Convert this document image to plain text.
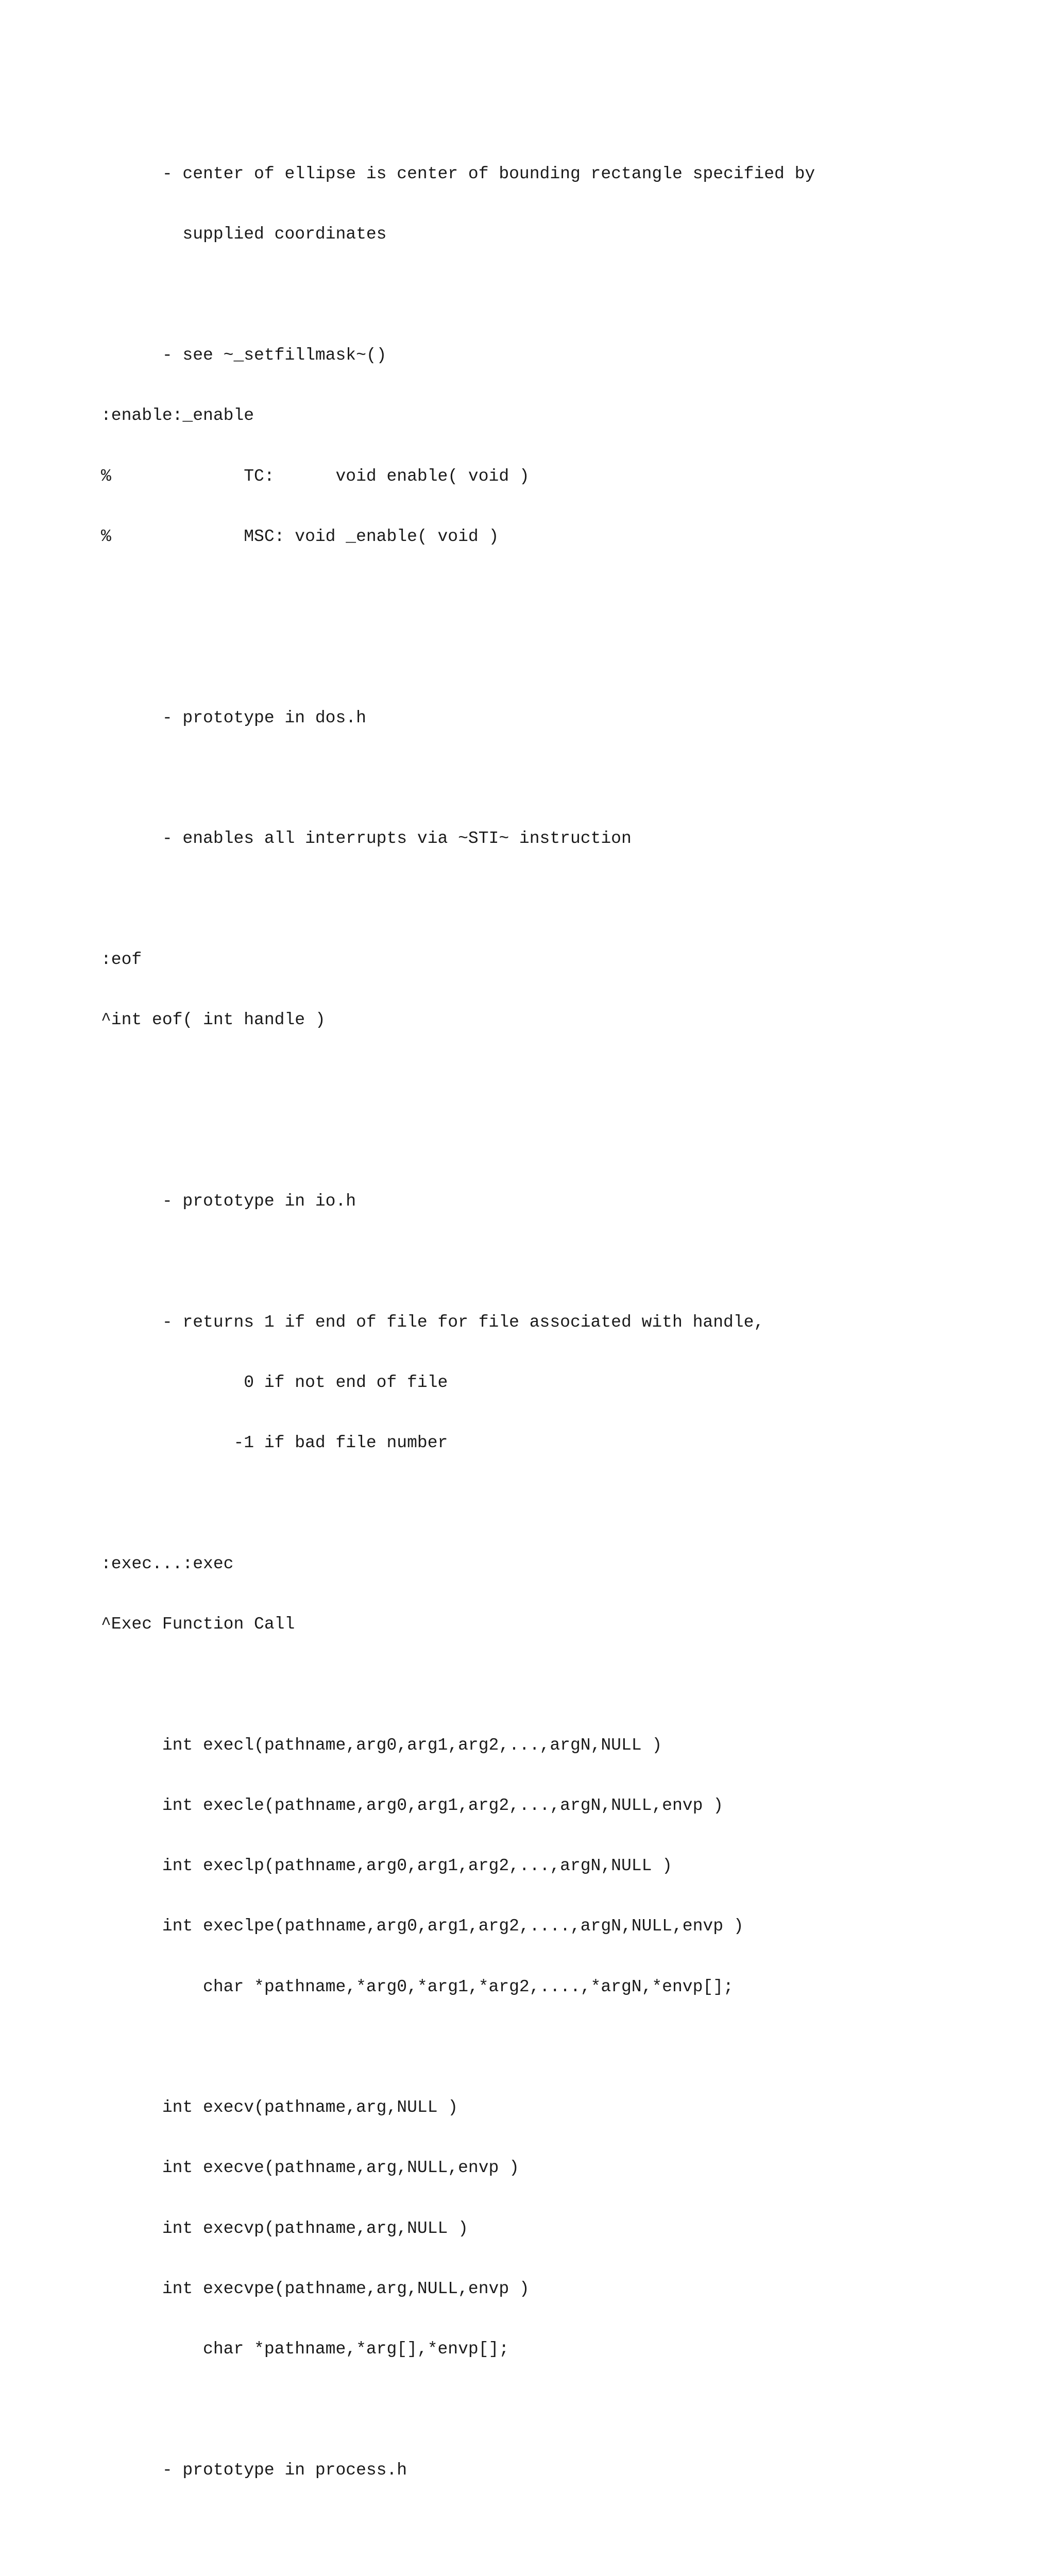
- center of ellipse is center of bounding rectangle specified by

supplied coordinates

- see ~_setfillmask~()

:enable:_enable

%             TC:      void enable( void )

%             MSC: void _enable( void )

- prototype in dos.h

- enables all interrupts via ~STI~ instruction

:eof

^int eof( int handle )

- prototype in io.h

- returns 1 if end of file for file associated with handle,

0 if not end of file

-1 if bad file number

:exec...:exec

^Exec Function Call

int execl(pathname,arg0,arg1,arg2,...,argN,NULL )

int execle(pathname,arg0,arg1,arg2,...,argN,NULL,envp )

int execlp(pathname,arg0,arg1,arg2,...,argN,NULL )

int execlpe(pathname,arg0,arg1,arg2,....,argN,NULL,envp )

char *pathname,*arg0,*arg1,*arg2,....,*argN,*envp[];

int execv(pathname,arg,NULL )

int execve(pathname,arg,NULL,envp )

int execvp(pathname,arg,NULL )

int execvpe(pathname,arg,NULL,envp )

char *pathname,*arg[],*envp[];

- prototype in process.h
